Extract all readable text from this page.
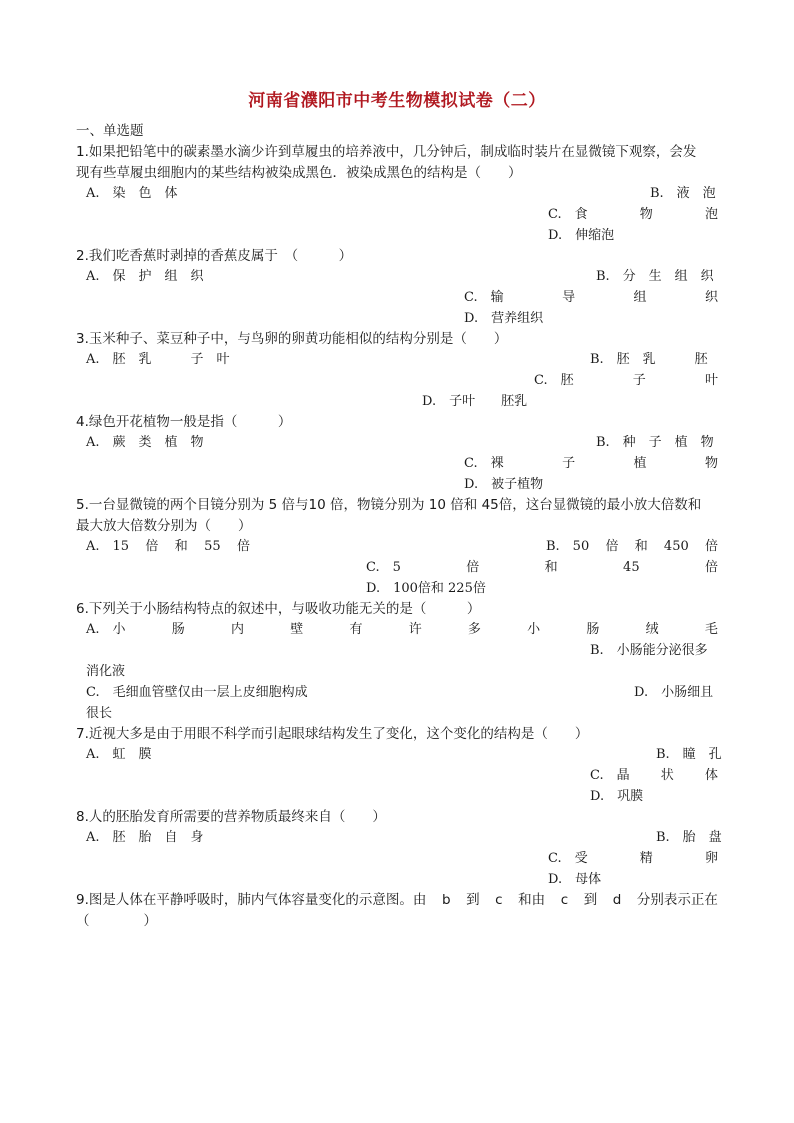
河南省濮阳市中考生物模拟试卷（二）
一、单选题
1.如果把铅笔中的碳素墨水滴少许到草履虫的培养液中，几分钟后，制成临时装片在显微镜下观察，会发
现有些草履虫细胞内的某些结构被染成黑色．被染成黑色的结构是（　　）
A.　染　色　体	B.　液　泡
C.　食	物	泡
D.　伸缩泡
2.我们吃香蕉时剥掉的香蕉皮属于　（　　　）
A.　保　护　组　织	B.　分　生　组　织
C.　输	导	组	织
D.　营养组织
3.玉米种子、菜豆种子中，与鸟卵的卵黄功能相似的结构分别是（　　）
A.　胚　乳　　　子　叶	B.　胚　乳　　　胚
C.　胚	子	叶
D.　子叶　　胚乳
4.绿色开花植物一般是指（　　　）
A.　蕨　类　植　物	B.　种　子　植　物
C.　裸	子	植	物
D.　被子植物
5.一台显微镜的两个目镜分别为 5 倍与10 倍，物镜分别为 10 倍和 45倍，这台显微镜的最小放大倍数和
最大放大倍数分别为（　　）
A.　15 倍 和 55 倍	B.　50 倍 和 450 倍
C.　5	倍	和	45	倍
D.　100倍和 225倍
6.下列关于小肠结构特点的叙述中，与吸收功能无关的是（　　　）
A.　小	肠	内	壁	有	许	多	小	肠	绒	毛
B.　小肠能分泌很多
消化液
C.　毛细血管壁仅由一层上皮细胞构成	D.　小肠细且
很长
7.近视大多是由于用眼不科学而引起眼球结构发生了变化，这个变化的结构是（　　）
A.　虹　膜	B.　瞳　孔
C.　晶 状 体
D.　巩膜
8.人的胚胎发育所需要的营养物质最终来自（　　）
A.　胚　胎　自　身	B.　胎　盘
C.　受	精	卵
D.　母体
9.图是人体在平静呼吸时，肺内气体容量变化的示意图。由 b 到 c 和由 c 到 d 分别表示正在
（　　　　）
